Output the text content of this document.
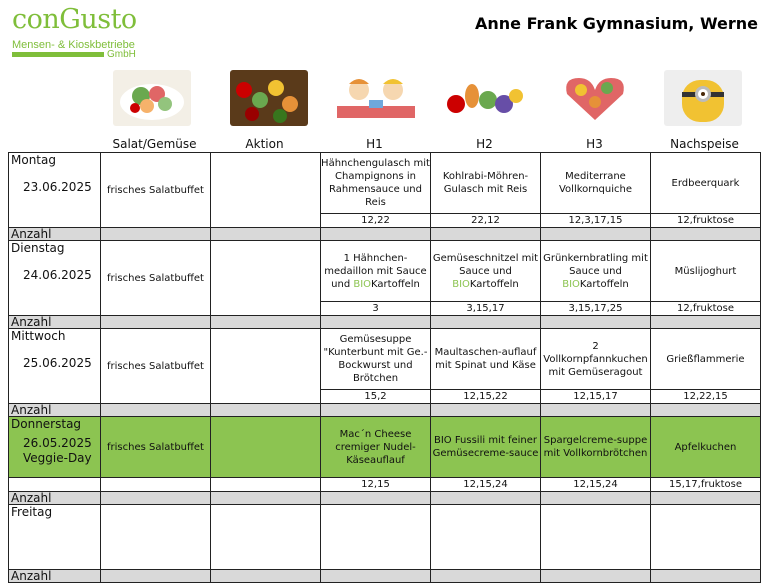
conGusto
Mensen- & Kioskbetriebe
GmbH
Anne Frank Gymnasium, Werne
Salat/Gemüse	Aktion	H1	H2	H3	Nachspeise
Montag
23.06.2025	frisches Salatbuffet		Hähnchengulasch mit Champignons in Rahmensauce und Reis	Kohlrabi-Möhren-Gulasch mit Reis	Mediterrane Vollkornquiche	Erdbeerquark
			12,22	22,12	12,3,17,15	12,fruktose
Anzahl						

Dienstag
24.06.2025	frisches Salatbuffet		1 Hähnchen-medaillon mit Sauce und BIOKartoffeln	Gemüseschnitzel mit Sauce und BIOKartoffeln	Grünkernbratling mit Sauce und BIOKartoffeln	Müslijoghurt
			3	3,15,17	3,15,17,25	12,fruktose
Anzahl						

Mittwoch
25.06.2025	frisches Salatbuffet		Gemüsesuppe "Kunterbunt mit Ge.-Bockwurst und Brötchen	Maultaschen-auflauf mit Spinat und Käse	2 Vollkornpfannkuchen mit Gemüseragout	Grießflammerie
			15,2	12,15,22	12,15,17	12,22,15
Anzahl						

Donnerstag
26.05.2025
Veggie-Day	frisches Salatbuffet		Mac´n Cheese cremiger Nudel-Käseauflauf	BIO Fussili mit feiner Gemüsecreme-sauce	Spargelcreme-suppe mit Vollkornbrötchen	Apfelkuchen
			12,15	12,15,24	12,15,24	15,17,fruktose
Anzahl						

Freitag						

Anzahl						
